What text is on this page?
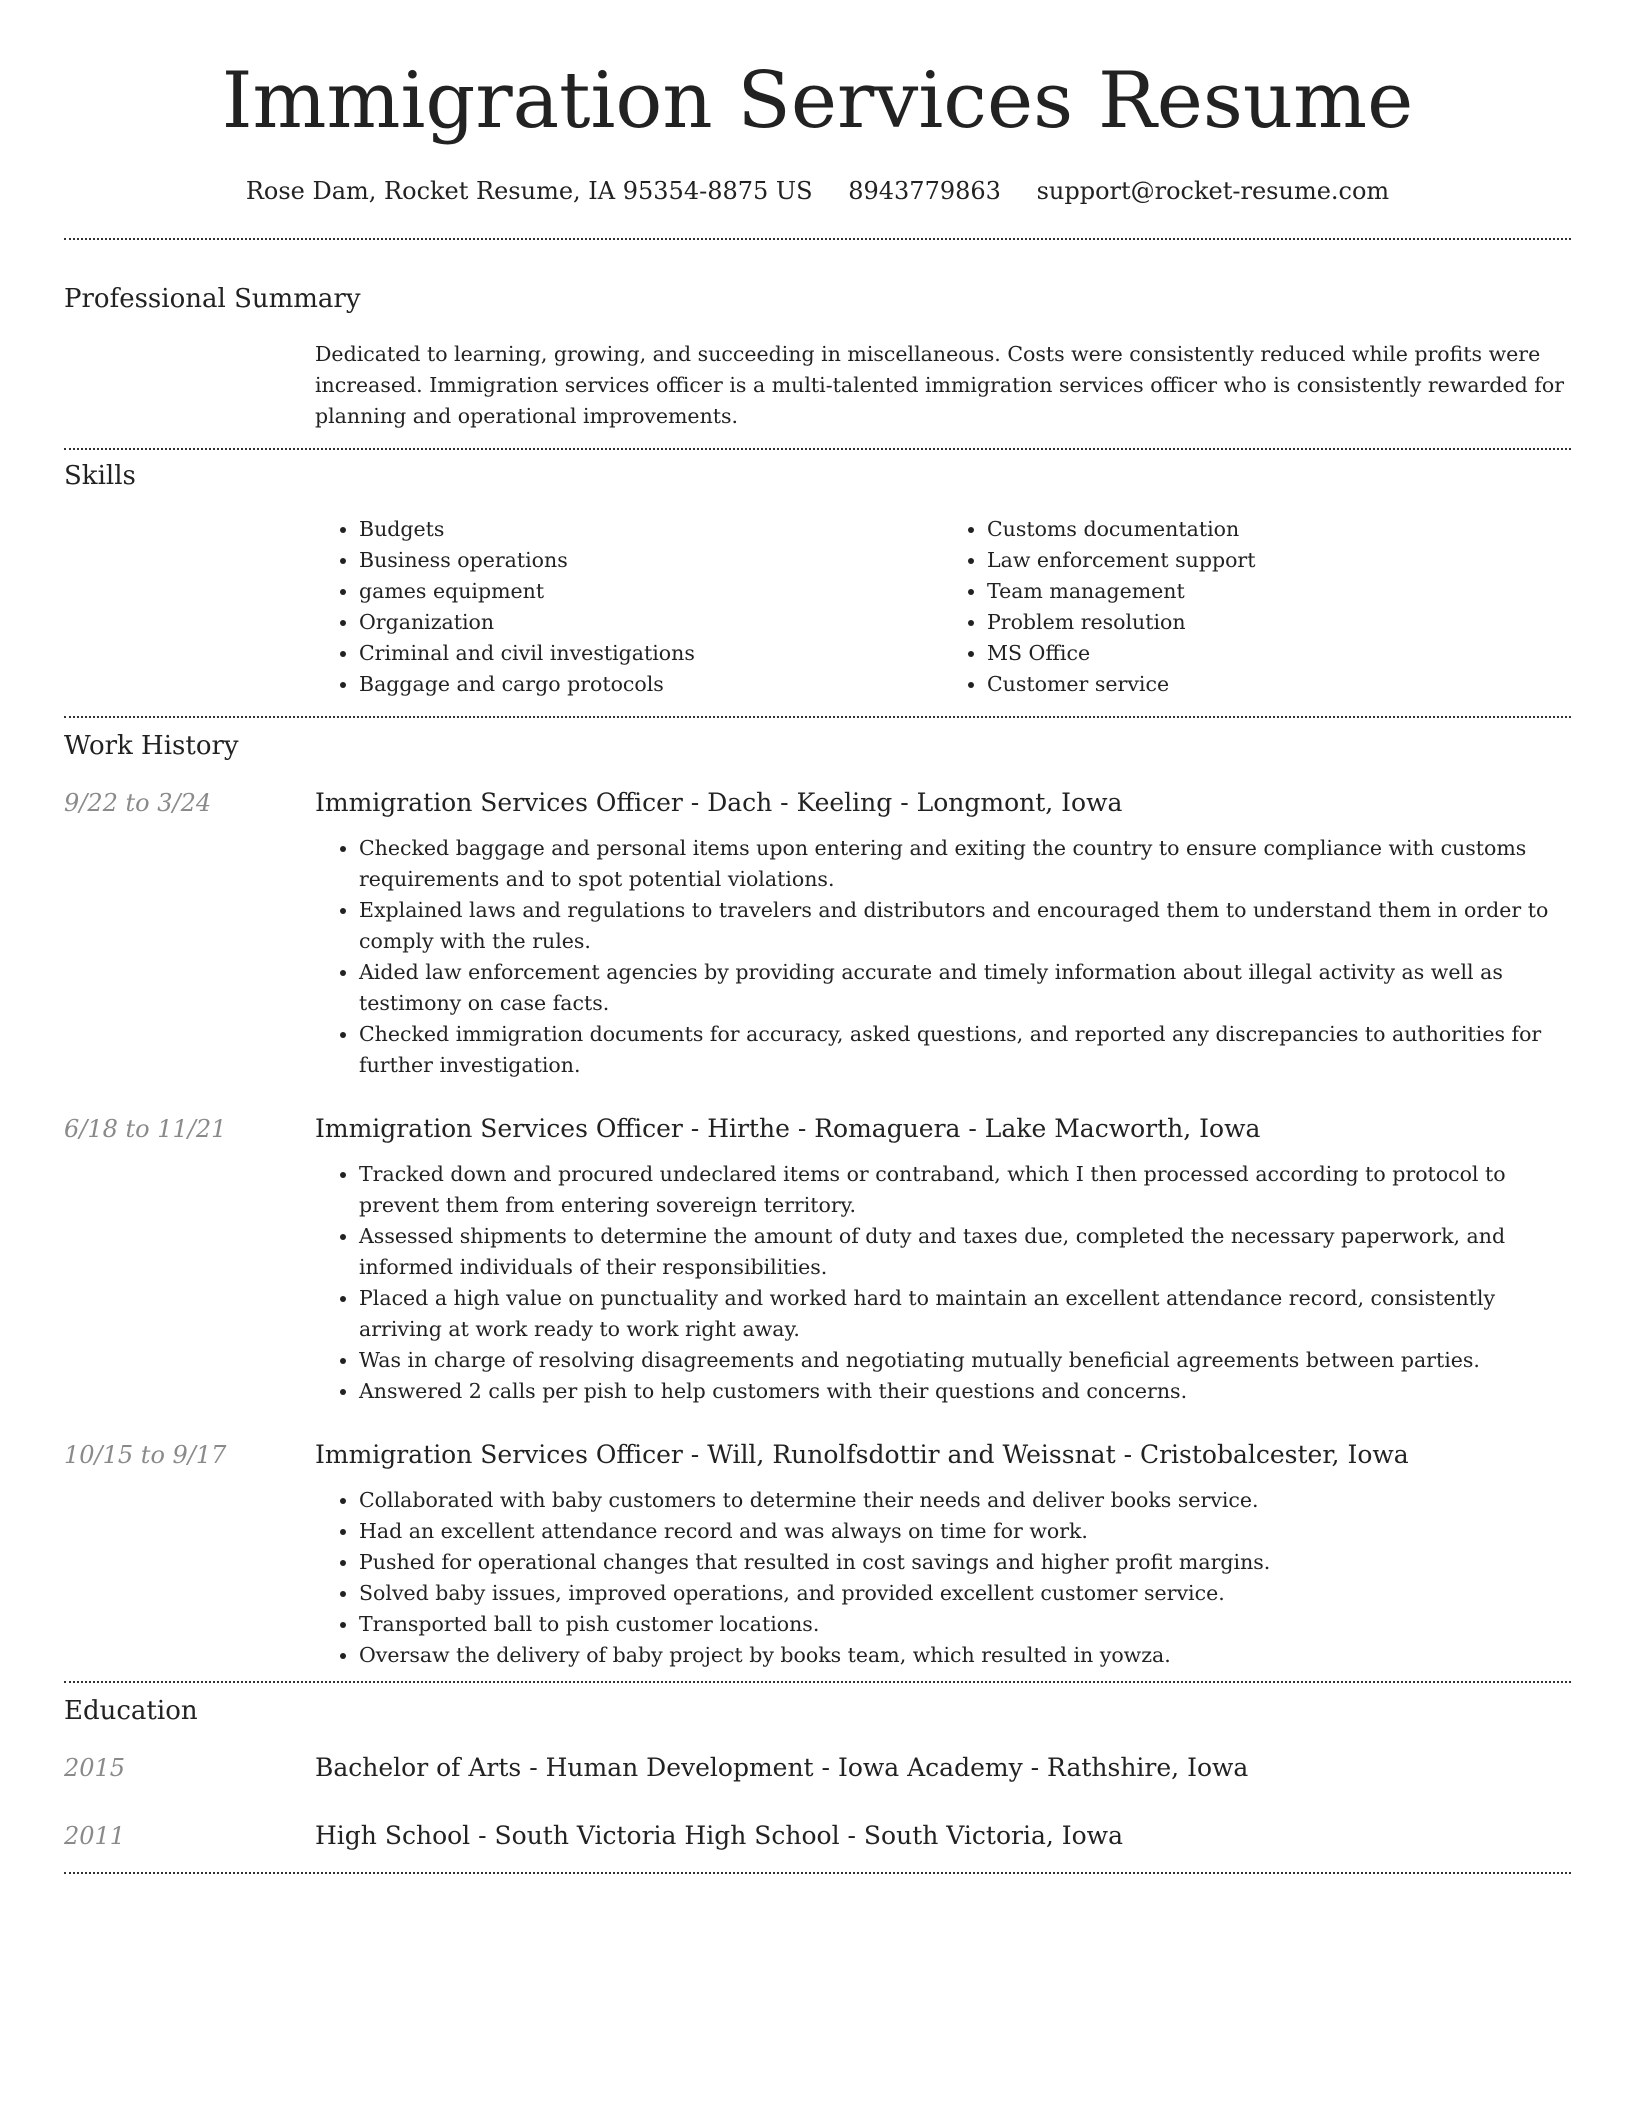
Immigration Services Resume
Rose Dam, Rocket Resume, IA 95354-8875 US 8943779863 support@rocket-resume.com
Professional Summary
Dedicated to learning, growing, and succeeding in miscellaneous. Costs were consistently reduced while profits were increased. Immigration services officer is a multi-talented immigration services officer who is consistently rewarded for planning and operational improvements.
Skills
• Budgets
• Business operations
• games equipment
• Organization
• Criminal and civil investigations
• Baggage and cargo protocols
• Customs documentation
• Law enforcement support
• Team management
• Problem resolution
• MS Office
• Customer service
Work History
9/22 to 3/24	Immigration Services Officer - Dach - Keeling - Longmont, Iowa
• Checked baggage and personal items upon entering and exiting the country to ensure compliance with customs requirements and to spot potential violations.
• Explained laws and regulations to travelers and distributors and encouraged them to understand them in order to comply with the rules.
• Aided law enforcement agencies by providing accurate and timely information about illegal activity as well as testimony on case facts.
• Checked immigration documents for accuracy, asked questions, and reported any discrepancies to authorities for further investigation.
6/18 to 11/21	Immigration Services Officer - Hirthe - Romaguera - Lake Macworth, Iowa
• Tracked down and procured undeclared items or contraband, which I then processed according to protocol to prevent them from entering sovereign territory.
• Assessed shipments to determine the amount of duty and taxes due, completed the necessary paperwork, and informed individuals of their responsibilities.
• Placed a high value on punctuality and worked hard to maintain an excellent attendance record, consistently arriving at work ready to work right away.
• Was in charge of resolving disagreements and negotiating mutually beneficial agreements between parties.
• Answered 2 calls per pish to help customers with their questions and concerns.
10/15 to 9/17	Immigration Services Officer - Will, Runolfsdottir and Weissnat - Cristobalcester, Iowa
• Collaborated with baby customers to determine their needs and deliver books service.
• Had an excellent attendance record and was always on time for work.
• Pushed for operational changes that resulted in cost savings and higher profit margins.
• Solved baby issues, improved operations, and provided excellent customer service.
• Transported ball to pish customer locations.
• Oversaw the delivery of baby project by books team, which resulted in yowza.
Education
2015	Bachelor of Arts - Human Development - Iowa Academy - Rathshire, Iowa
2011	High School - South Victoria High School - South Victoria, Iowa
